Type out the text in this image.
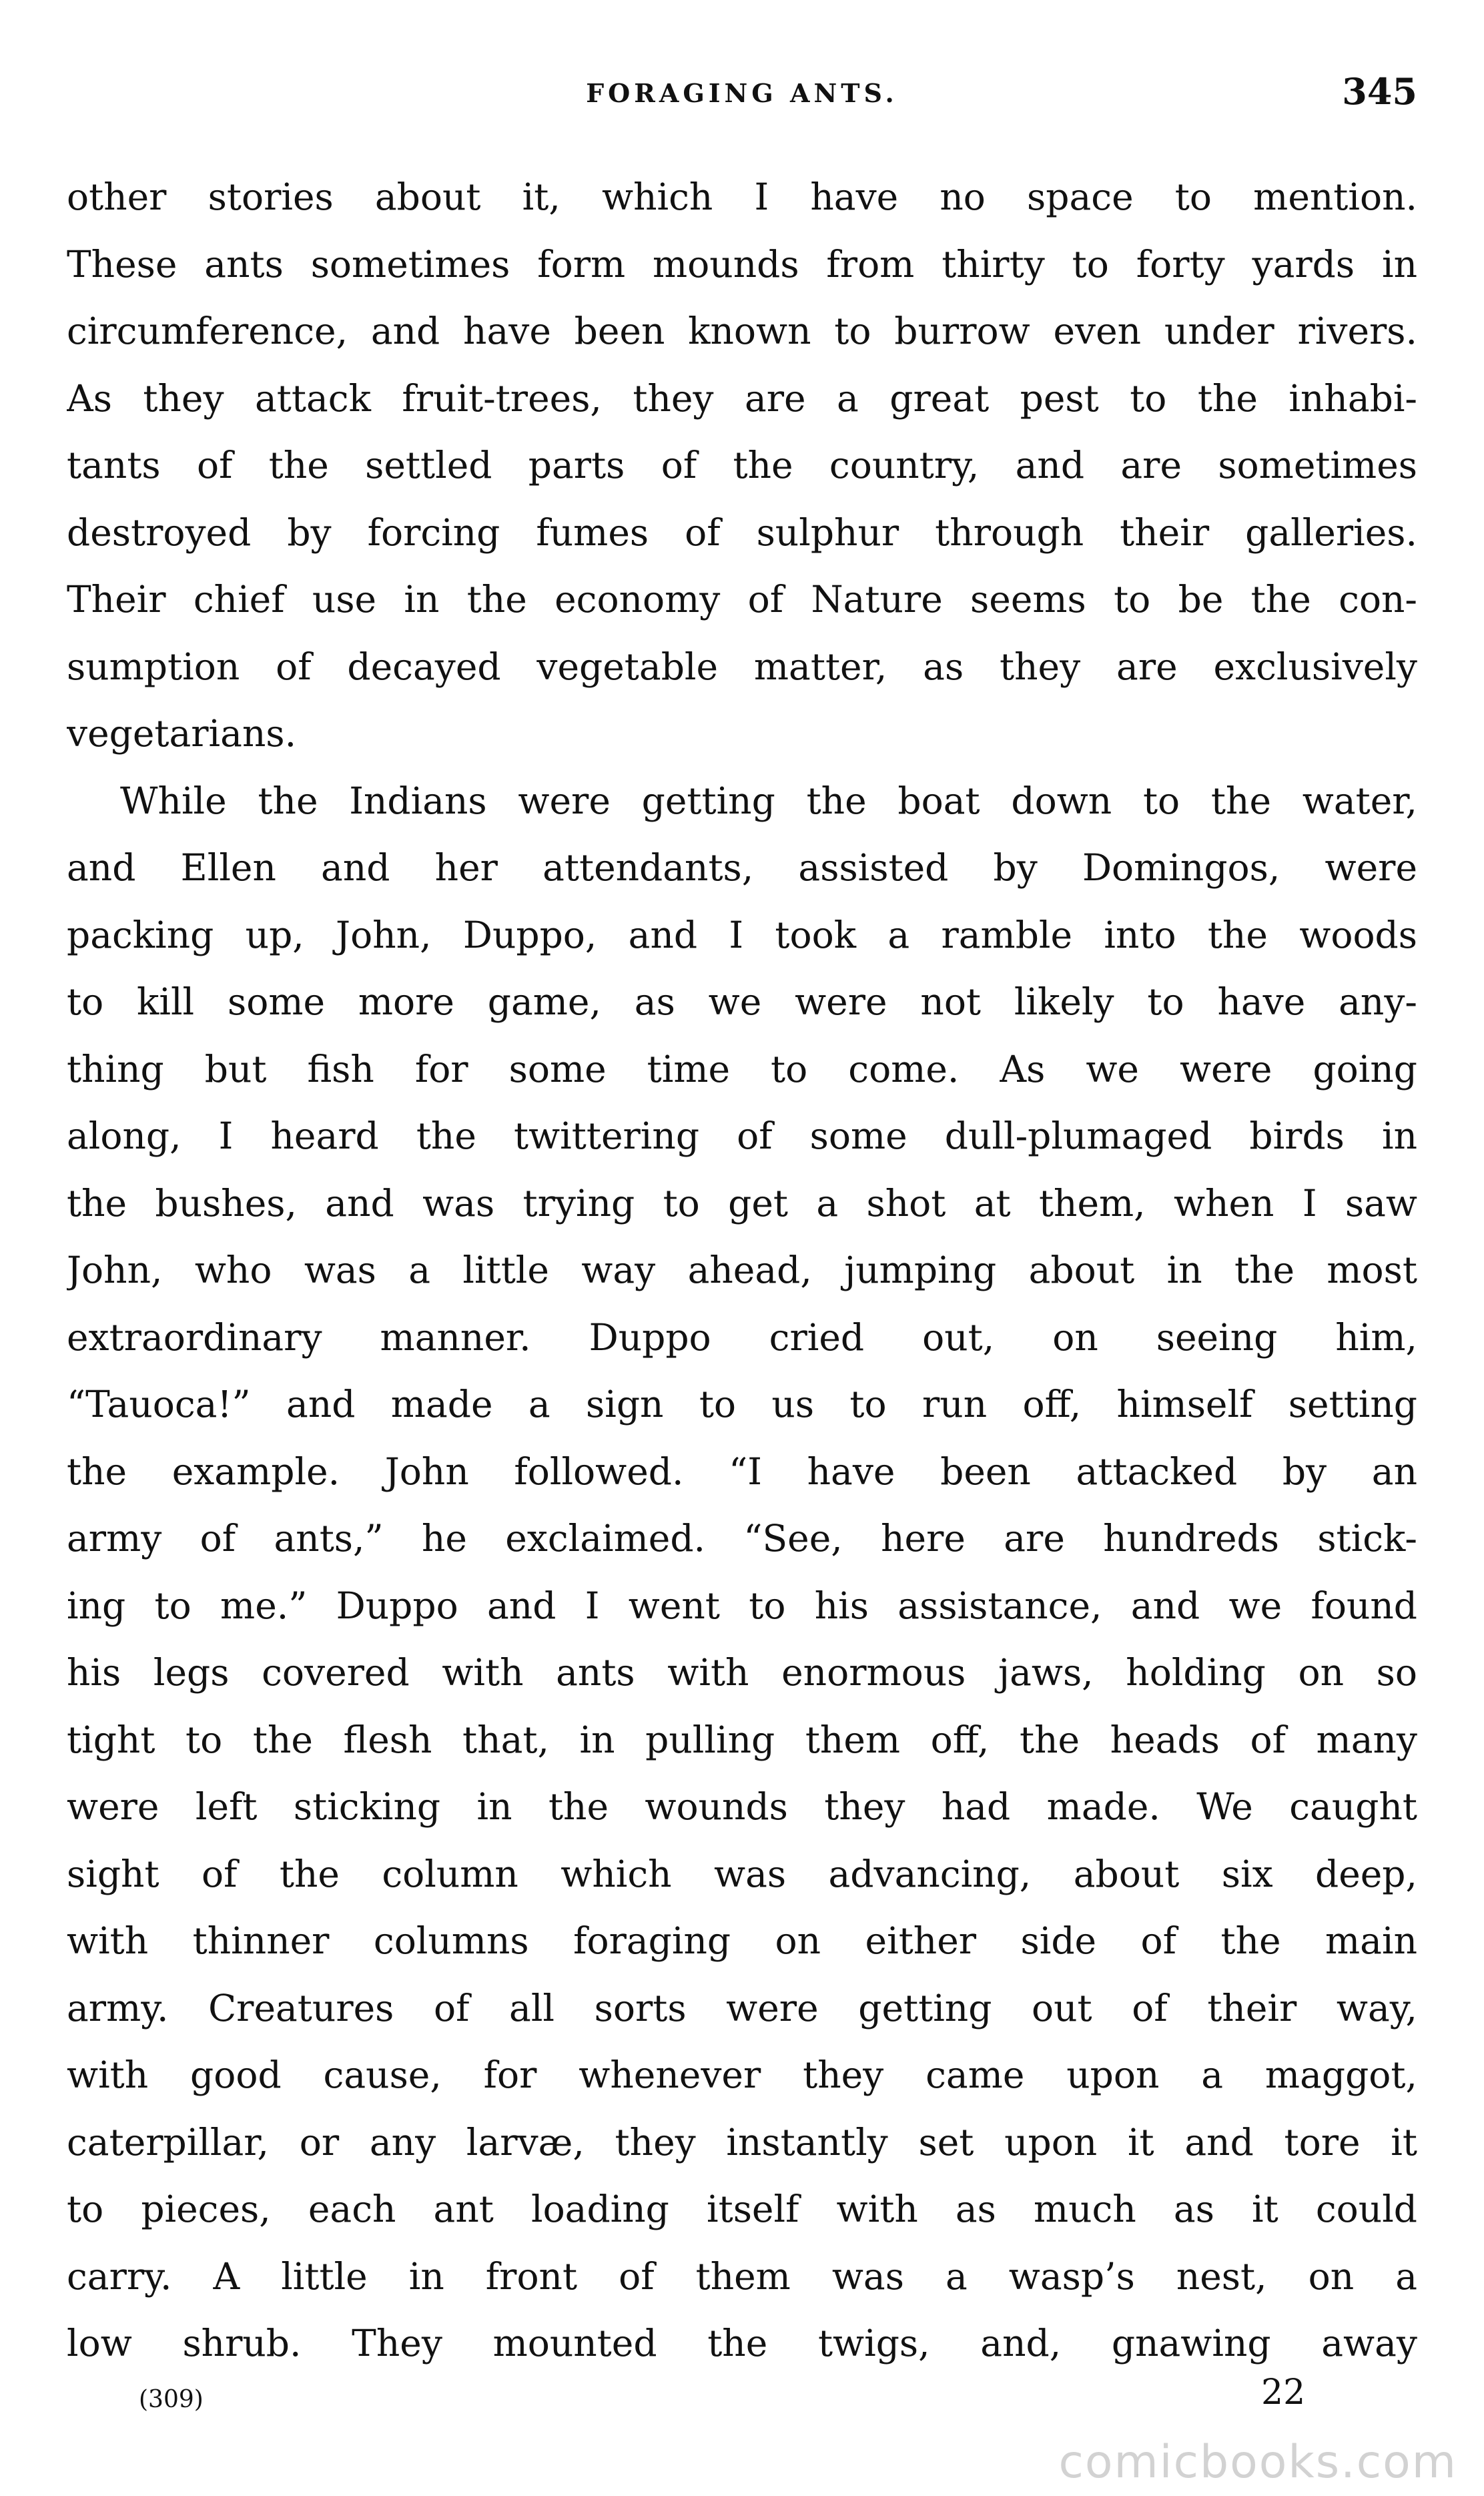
FORAGING ANTS.	345
other stories about it, which I have no space to mention.
These ants sometimes form mounds from thirty to forty yards in
circumference, and have been known to burrow even under rivers.
As they attack fruit-trees, they are a great pest to the inhabi-
tants of the settled parts of the country, and are sometimes
destroyed by forcing fumes of sulphur through their galleries.
Their chief use in the economy of Nature seems to be the con-
sumption of decayed vegetable matter, as they are exclusively
vegetarians.
While the Indians were getting the boat down to the water,
and Ellen and her attendants, assisted by Domingos, were
packing up, John, Duppo, and I took a ramble into the woods
to kill some more game, as we were not likely to have any-
thing but fish for some time to come. As we were going
along, I heard the twittering of some dull-plumaged birds in
the bushes, and was trying to get a shot at them, when I saw
John, who was a little way ahead, jumping about in the most
extraordinary manner. Duppo cried out, on seeing him,
“Tauoca!” and made a sign to us to run off, himself setting
the example. John followed. “I have been attacked by an
army of ants,” he exclaimed. “See, here are hundreds stick-
ing to me.” Duppo and I went to his assistance, and we found
his legs covered with ants with enormous jaws, holding on so
tight to the flesh that, in pulling them off, the heads of many
were left sticking in the wounds they had made. We caught
sight of the column which was advancing, about six deep,
with thinner columns foraging on either side of the main
army. Creatures of all sorts were getting out of their way,
with good cause, for whenever they came upon a maggot,
caterpillar, or any larvæ, they instantly set upon it and tore it
to pieces, each ant loading itself with as much as it could
carry. A little in front of them was a wasp’s nest, on a
low shrub. They mounted the twigs, and, gnawing away
(309)	22
comicbooks.com
